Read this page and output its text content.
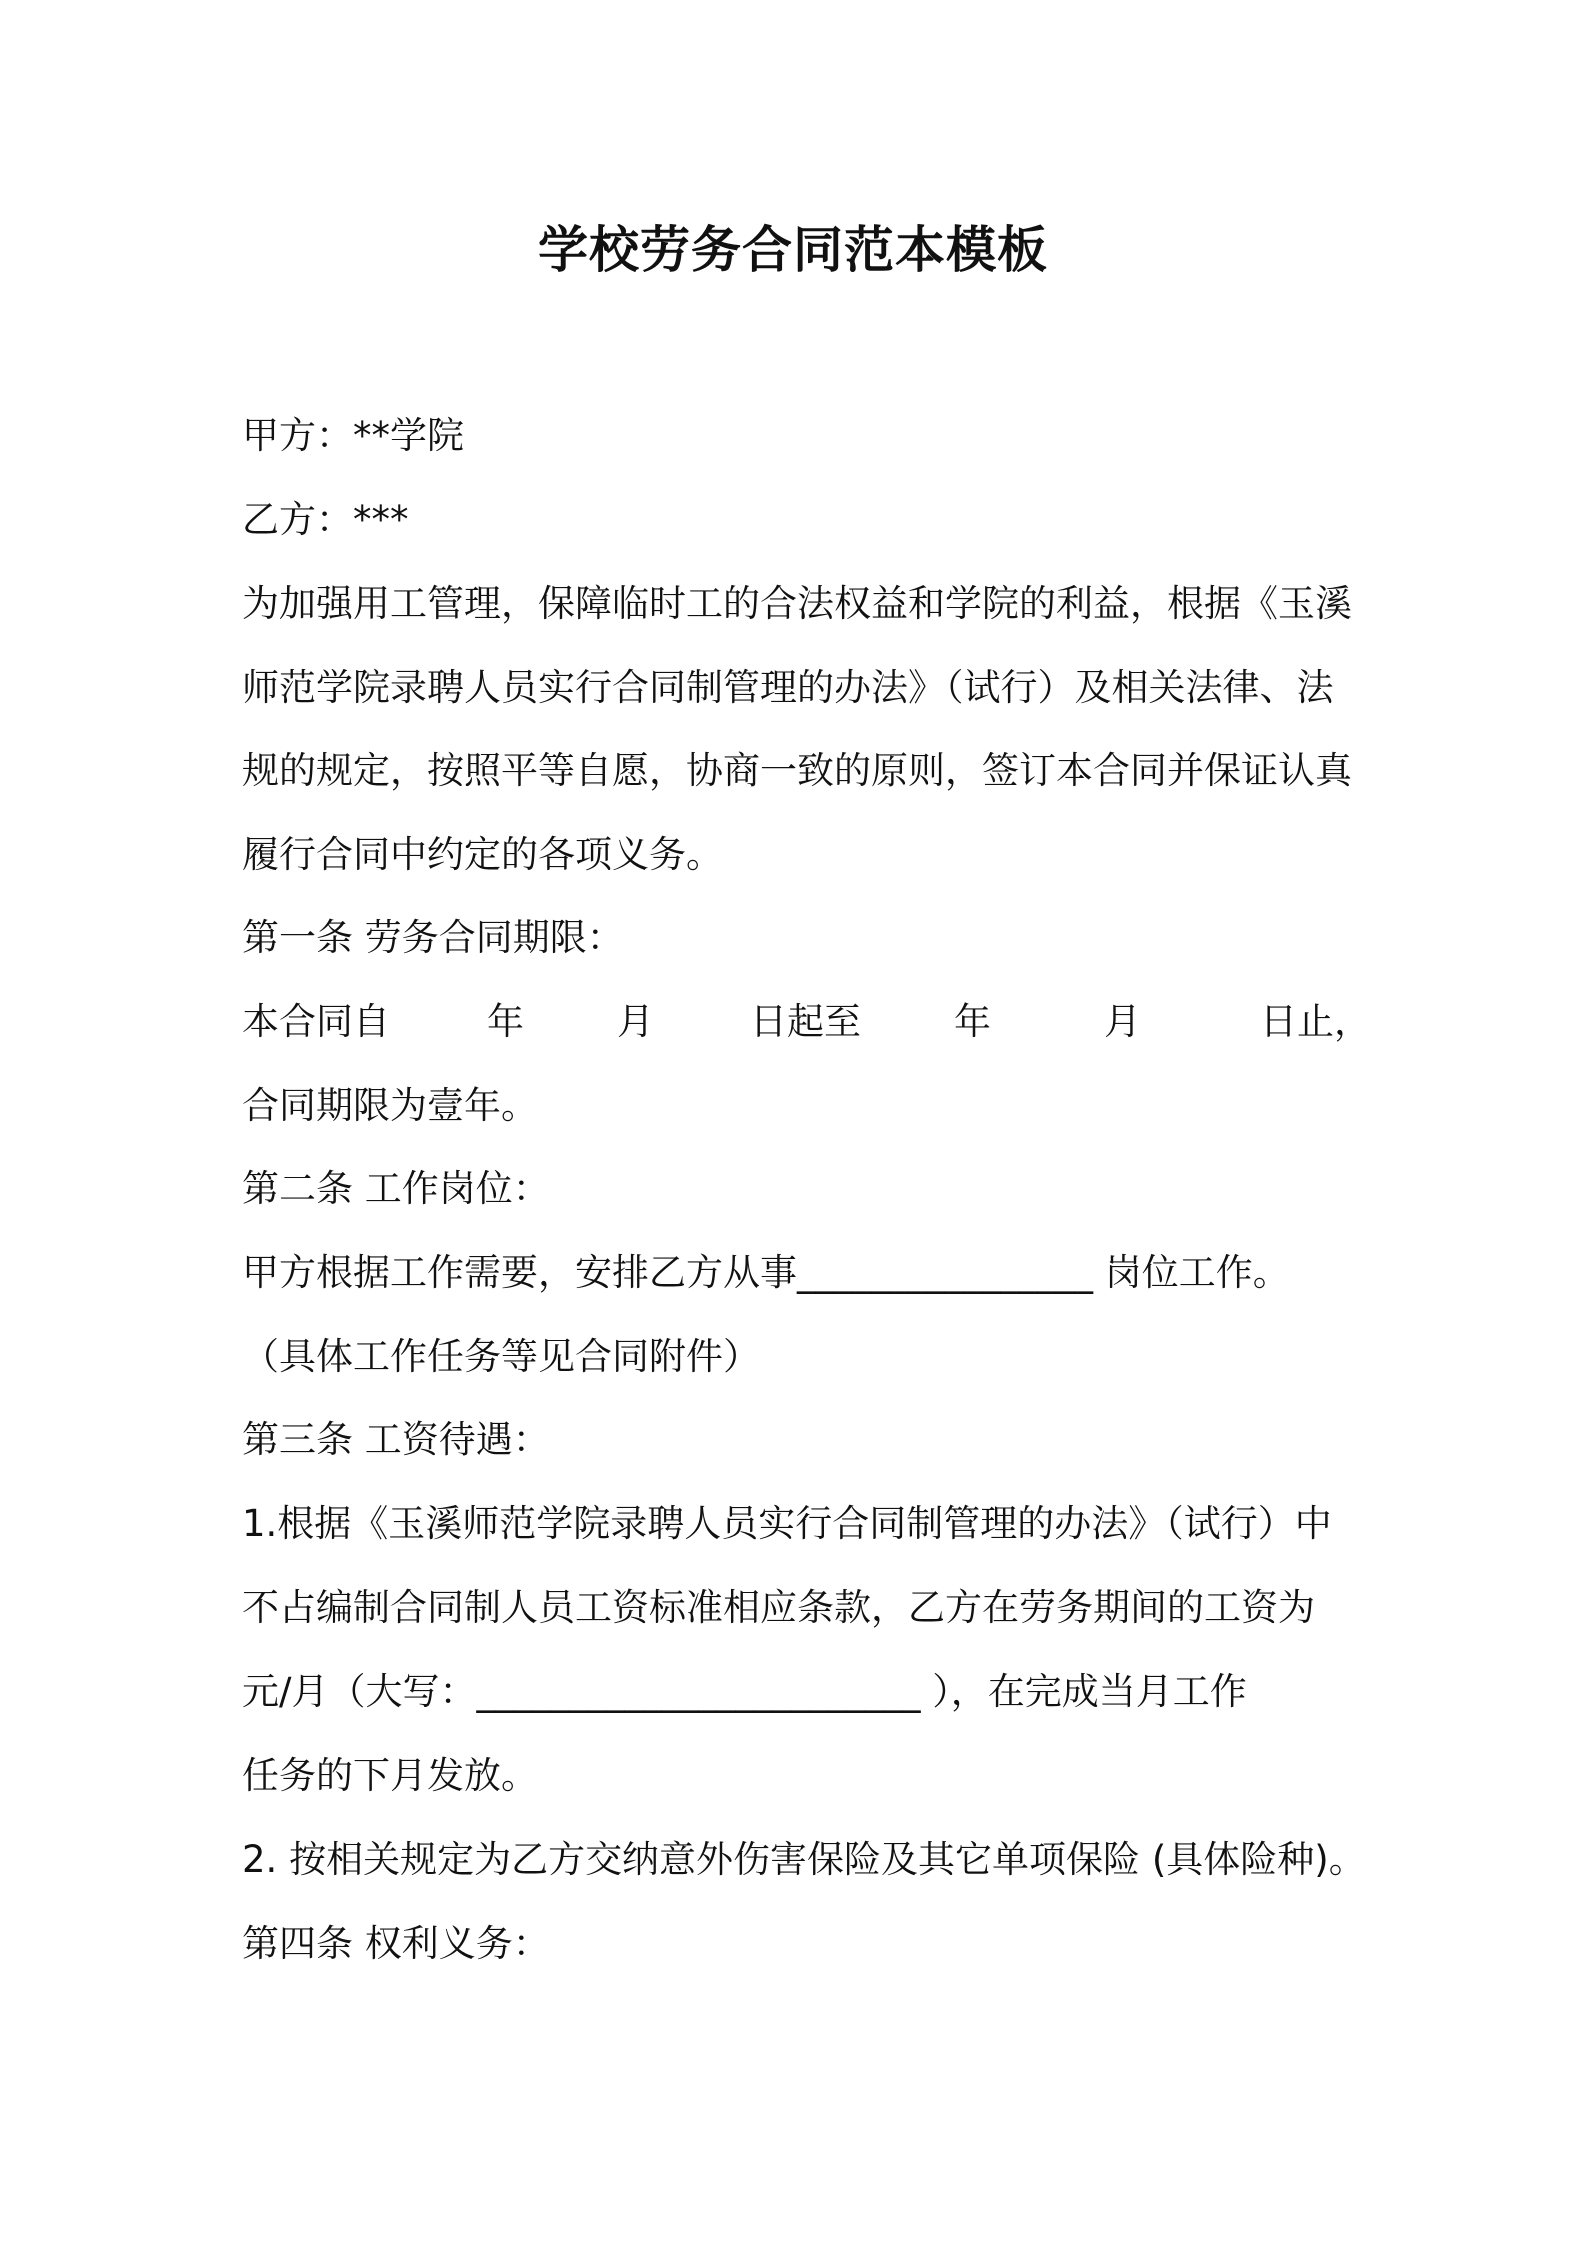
学校劳务合同范本模板
甲方：**学院
乙方：***
为加强用工管理，保障临时工的合法权益和学院的利益，根据《玉溪
师范学院录聘人员实行合同制管理的办法》（试行）及相关法律、法
规的规定，按照平等自愿，协商一致的原则，签订本合同并保证认真
履行合同中约定的各项义务。
第一条 劳务合同期限：
本合同自	年	月	日起至	年	月	日止，
合同期限为壹年。
第二条 工作岗位：
甲方根据工作需要，安排乙方从事________________ 岗位工作。
（具体工作任务等见合同附件）
第三条 工资待遇：
1.根据《玉溪师范学院录聘人员实行合同制管理的办法》（试行）中
不占编制合同制人员工资标准相应条款，乙方在劳务期间的工资为
元/月（大写：________________________ ），在完成当月工作
任务的下月发放。
2. 按相关规定为乙方交纳意外伤害保险及其它单项保险 (具体险种)。
第四条 权利义务：
